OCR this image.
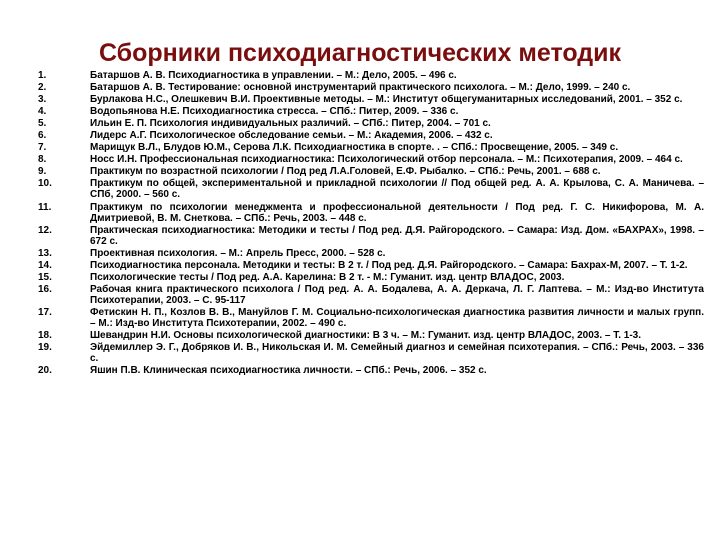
Сборники психодиагностических методик
1.	Батаршов А. В. Психодиагностика в управлении. – М.: Дело, 2005. – 496 с.
2.	Батаршов А. В. Тестирование: основной инструментарий практического психолога. – М.: Дело, 1999. – 240 с.
3.	Бурлакова Н.С., Олешкевич В.И. Проективные методы. – М.: Институт общегуманитарных исследований, 2001. – 352 с.
4.	Водопьянова Н.Е. Психодиагностика стресса. – СПб.: Питер, 2009. – 336 с.
5.	Ильин Е. П. Психология индивидуальных различий. – СПб.: Питер, 2004. – 701 с.
6.	Лидерс А.Г. Психологическое обследование семьи. – М.: Академия, 2006. – 432 с.
7.	Марищук В.Л., Блудов Ю.М., Серова Л.К. Психодиагностика в спорте. . – СПб.: Просвещение, 2005. – 349 с.
8.	Носс И.Н. Профессиональная психодиагностика: Психологический отбор персонала. – М.: Психотерапия, 2009. – 464 с.
9.	Практикум по возрастной психологии / Под ред Л.А.Головей, Е.Ф. Рыбалко. – СПб.: Речь, 2001. – 688 с.
10.	Практикум по общей, экспериментальной и прикладной психологии // Под общей ред. А. А. Крылова, С. А. Маничева. – СПб, 2000. – 560 с.
11.	Практикум по психологии менеджмента и профессиональной деятельности / Под ред. Г. С. Никифорова, М. А. Дмитриевой, В. М. Снеткова. – СПб.: Речь, 2003. – 448 с.
12.	Практическая психодиагностика: Методики и тесты / Под ред. Д.Я. Райгородского. – Самара: Изд. Дом. «БАХРАХ», 1998. – 672 с.
13.	Проективная психология. – М.: Апрель Пресс, 2000. – 528 с.
14.	Психодиагностика персонала. Методики и тесты: В 2 т. / Под ред. Д.Я. Райгородского. – Самара: Бахрах-М, 2007. – Т. 1-2.
15.	Психологические тесты / Под ред. А.А. Карелина: В 2 т. - М.: Гуманит. изд. центр ВЛАДОС, 2003.
16.	Рабочая книга практического психолога / Под ред. А. А. Бодалева, А. А. Деркача, Л. Г. Лаптева. – М.: Изд-во Института Психотерапии, 2003. – С. 95-117
17.	Фетискин Н. П., Козлов В. В., Мануйлов Г. М. Социально-психологическая диагностика развития личности и малых групп. – М.: Изд-во Института Психотерапии, 2002. – 490 с.
18.	Шевандрин Н.И. Основы психологической диагностики: В 3 ч. – М.: Гуманит. изд. центр ВЛАДОС, 2003. – Т. 1-3.
19.	Эйдемиллер Э. Г., Добряков И. В., Никольская И. М. Семейный диагноз и семейная психотерапия. – СПб.: Речь, 2003. – 336 с.
20.	Яшин П.В. Клиническая психодиагностика личности. – СПб.: Речь, 2006. – 352 с.
